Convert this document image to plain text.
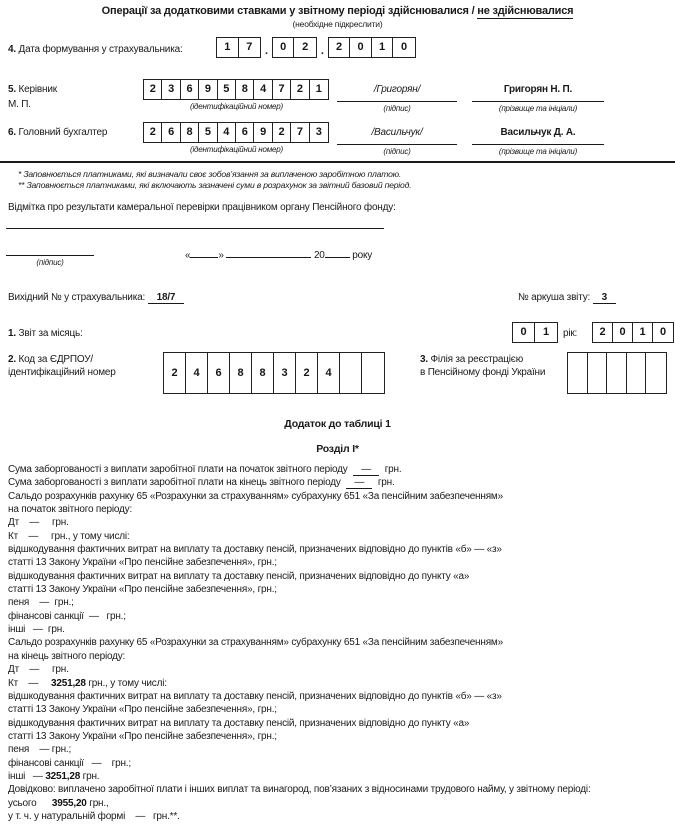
Операції за додатковими ставками у звітному періоді здійснювалися / не здійснювалися
(необхідне підкреслити)
4. Дата формування у страхувальника:	1	7	.	0	2	.	2	0	1	0
5. Керівник
М. П.
2	3	6	9	5	8	4	7	2	1
(ідентифікаційний номер)
/Григорян/
(підпис)
Григорян Н. П.
(прізвище та ініціали)
6. Головний бухгалтер	2	6	8	5	4	6	9	2	7	3
(ідентифікаційний номер)
/Васильчук/
(підпис)
Васильчук Д. А.
(прізвище та ініціали)
* Заповнюється платниками, які визначали своє зобов’язання за виплаченою заробітною платою.
** Заповнюється платниками, які включають зазначені суми в розрахунок за звітний базовий період.
Відмітка про результати камеральної перевірки працівником органу Пенсійного фонду:
(підпис)
«	»	20	року
Вихідний № у страхувальника: 18/7	№ аркуша звіту: 3
1. Звіт за місяць:	0	1	рік:	2	0	1	0
2. Код за ЄДРПОУ/
ідентифікаційний номер	2	4	6	8	8	3	2	4
3. Філія за реєстрацією
в Пенсійному фонді України
Додаток до таблиці 1
Розділ I*
Сума заборгованості з виплати заробітної плати на початок звітного періоду — грн.
Сума заборгованості з виплати заробітної плати на кінець звітного періоду — грн.
Сальдо розрахунків рахунку 65 «Розрахунки за страхуванням» субрахунку 651 «За пенсійним забезпеченням»
на початок звітного періоду:
Дт    —     грн.
Кт    —     грн., у тому числі:
відшкодування фактичних витрат на виплату та доставку пенсій, призначених відповідно до пунктів «б» — «з»
статті 13 Закону України «Про пенсійне забезпечення», грн.;
відшкодування фактичних витрат на виплату та доставку пенсій, призначених відповідно до пункту «а»
статті 13 Закону України «Про пенсійне забезпечення», грн.;
пеня    —  грн.;
фінансові санкції  —   грн.;
інші   —  грн.
Сальдо розрахунків рахунку 65 «Розрахунки за страхуванням» субрахунку 651 «За пенсійним забезпеченням»
на кінець звітного періоду:
Дт    —     грн.
Кт    —     3251,28 грн., у тому числі:
відшкодування фактичних витрат на виплату та доставку пенсій, призначених відповідно до пунктів «б» — «з»
статті 13 Закону України «Про пенсійне забезпечення», грн.;
відшкодування фактичних витрат на виплату та доставку пенсій, призначених відповідно до пункту «а»
статті 13 Закону України «Про пенсійне забезпечення», грн.;
пеня    — грн.;
фінансові санкції   —    грн.;
інші   — 3251,28 грн.
Довідково: виплачено заробітної плати і інших виплат та винагород, пов’язаних з відносинами трудового найму, у звітному періоді:
усього      3955,20 грн.,
у т. ч. у натуральній формі    —   грн.**.
